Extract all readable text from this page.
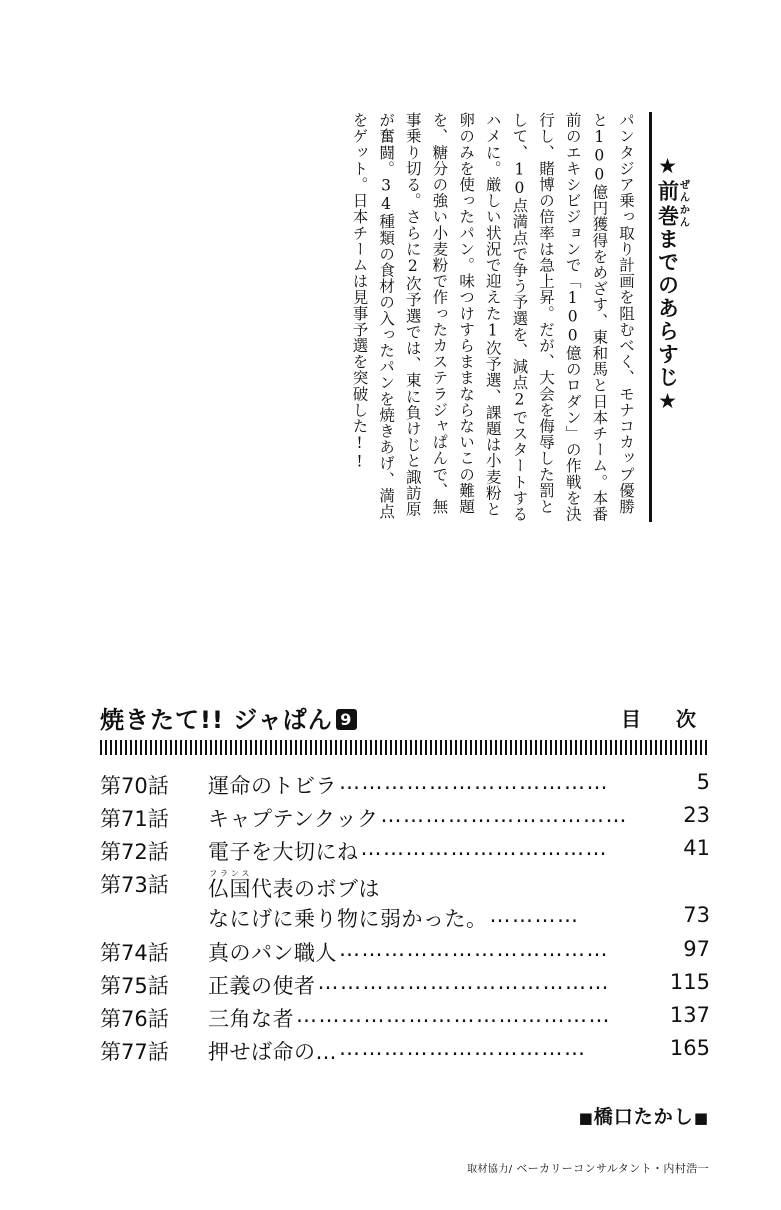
★前巻 ぜんかんまでのあらすじ★
パンタジア乗っ取り計画を阻むべく、モナコカップ優勝と100億円獲得をめざす、東和馬と日本チーム。本番前のエキシビジョンで「100億のロダン」の作戦を決行し、賭博の倍率は急上昇。だが、大会を侮辱した罰として、10点満点で争う予選を、減点2でスタートするハメに。厳しい状況で迎えた1次予選、課題は小麦粉と卵のみを使ったパン。味つけすらままならないこの難題を、糖分の強い小麦粉で作ったカステラジャぱんで、無事乗り切る。さらに2次予選では、東に負けじと諏訪原が奮闘。34種類の食材の入ったパンを焼きあげ、満点をゲット。日本チームは見事予選を突破した!!
焼きたて!! ジャぱん 9	目 次
第70話	運命のトビラ ………………………………	5
第71話	キャプテンクック ……………………………	23
第72話	電子を大切にね ……………………………	41
第73話	仏国フランス代表のボブは
なにげに乗り物に弱かった。 …………	73
第74話	真のパン職人 ………………………………	97
第75話	正義の使者 …………………………………	115
第76話	三角な者 ……………………………………	137
第77話	押せば命の… ……………………………	165
■橋口たかし■
取材協力/ ベーカリーコンサルタント・内村浩一
